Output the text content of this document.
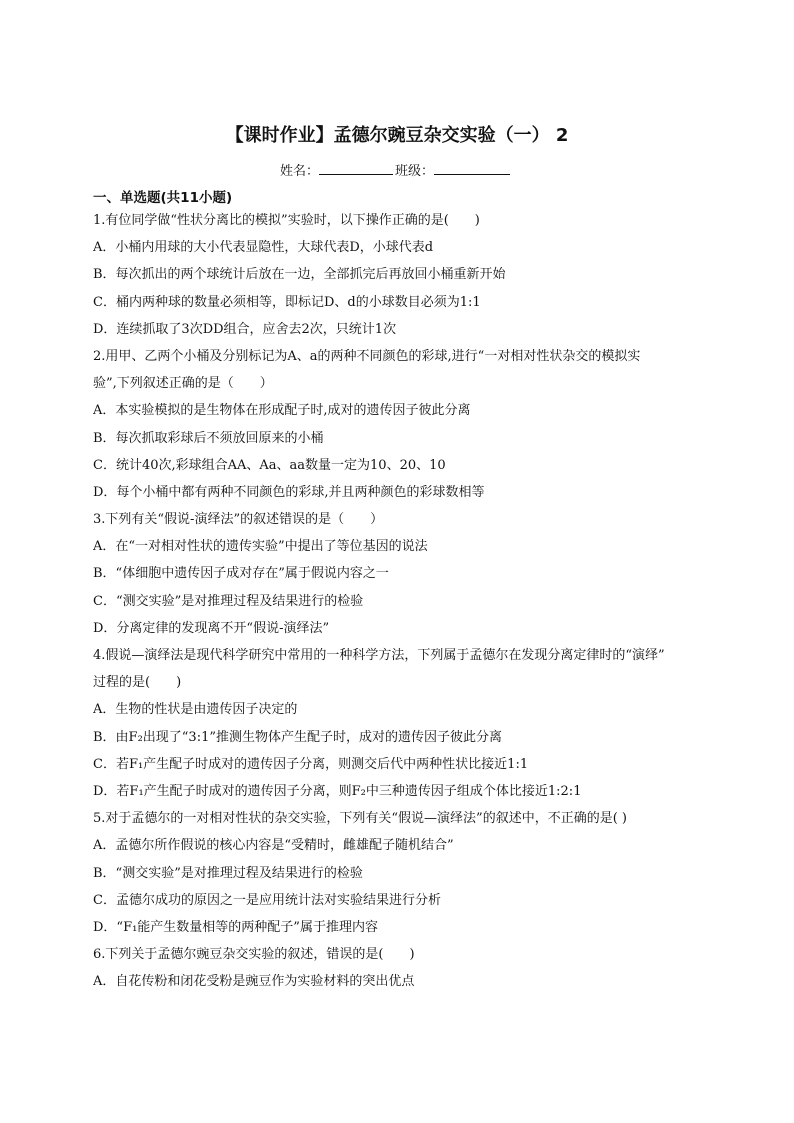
【课时作业】孟德尔豌豆杂交实验（一） 2
姓名：	班级：
一、单选题(共11小题)
1.有位同学做“性状分离比的模拟”实验时，以下操作正确的是(　　)
A．小桶内用球的大小代表显隐性，大球代表D，小球代表d
B．每次抓出的两个球统计后放在一边，全部抓完后再放回小桶重新开始
C．桶内两种球的数量必须相等，即标记D、d的小球数目必须为1:1
D．连续抓取了3次DD组合，应舍去2次，只统计1次
2.用甲、乙两个小桶及分别标记为A、a的两种不同颜色的彩球,进行“一对相对性状杂交的模拟实
验”,下列叙述正确的是（　　）
A．本实验模拟的是生物体在形成配子时,成对的遗传因子彼此分离
B．每次抓取彩球后不须放回原来的小桶
C．统计40次,彩球组合AA、Aa、aa数量一定为10、20、10
D．每个小桶中都有两种不同颜色的彩球,并且两种颜色的彩球数相等
3.下列有关“假说-演绎法”的叙述错误的是（　　）
A．在“一对相对性状的遗传实验”中提出了等位基因的说法
B．“体细胞中遗传因子成对存在”属于假说内容之一
C．“测交实验”是对推理过程及结果进行的检验
D．分离定律的发现离不开“假说-演绎法”
4.假说—演绎法是现代科学研究中常用的一种科学方法，下列属于孟德尔在发现分离定律时的“演绎”
过程的是(　　)
A．生物的性状是由遗传因子决定的
B．由F₂出现了“3:1”推测生物体产生配子时，成对的遗传因子彼此分离
C．若F₁产生配子时成对的遗传因子分离，则测交后代中两种性状比接近1:1
D．若F₁产生配子时成对的遗传因子分离，则F₂中三种遗传因子组成个体比接近1:2:1
5.对于孟德尔的一对相对性状的杂交实验，下列有关“假说—演绎法”的叙述中，不正确的是( )
A．孟德尔所作假说的核心内容是“受精时，雌雄配子随机结合”
B．“测交实验”是对推理过程及结果进行的检验
C．孟德尔成功的原因之一是应用统计法对实验结果进行分析
D．“F₁能产生数量相等的两种配子”属于推理内容
6.下列关于孟德尔豌豆杂交实验的叙述，错误的是(　　)
A．自花传粉和闭花受粉是豌豆作为实验材料的突出优点
